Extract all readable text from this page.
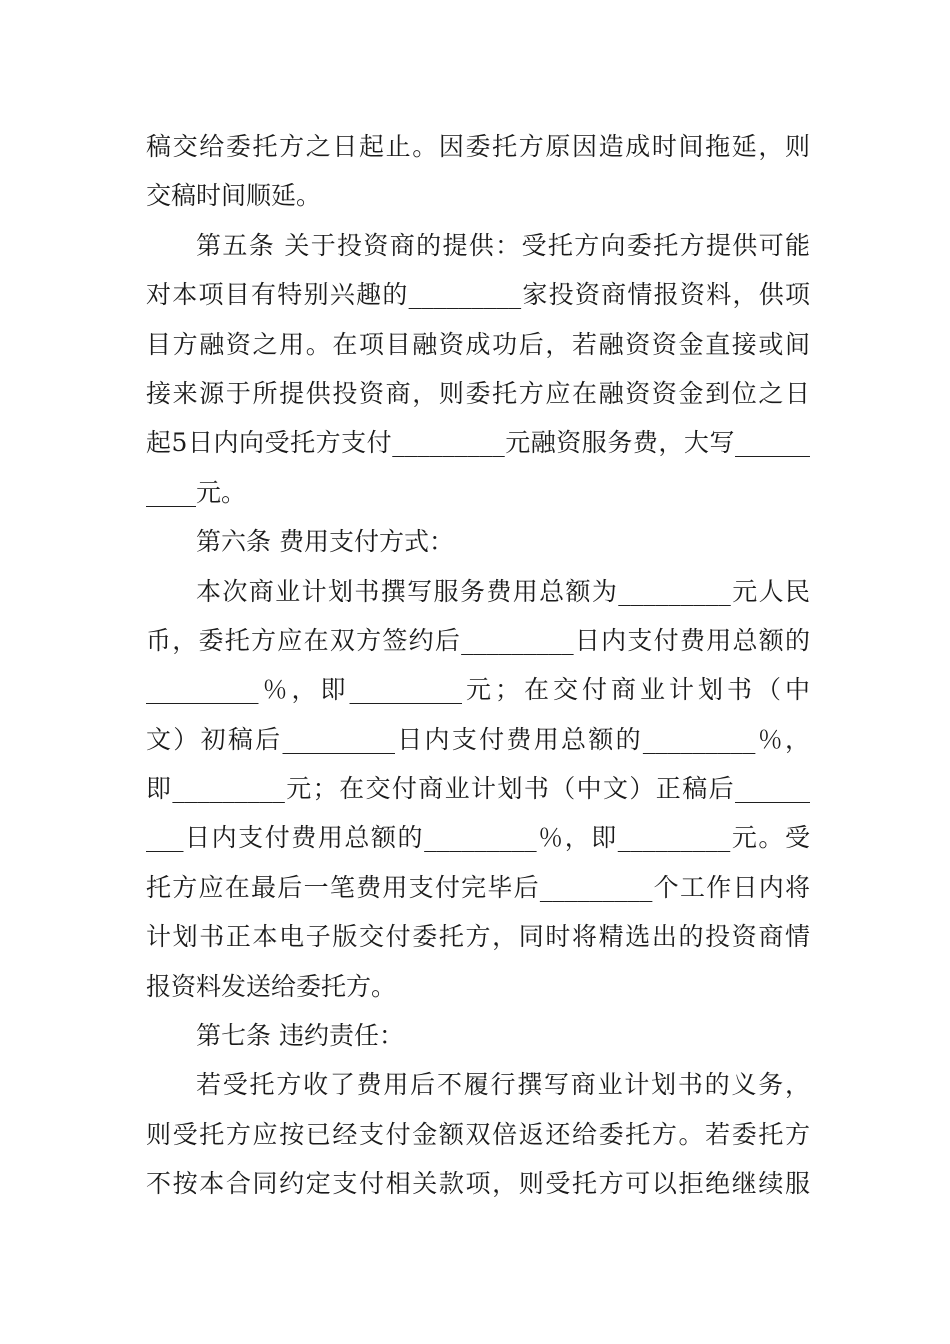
稿交给委托方之日起止。因委托方原因造成时间拖延，则
交稿时间顺延。
第五条 关于投资商的提供：受托方向委托方提供可能
对本项目有特别兴趣的_________家投资商情报资料，供项
目方融资之用。在项目融资成功后，若融资资金直接或间
接来源于所提供投资商，则委托方应在融资资金到位之日
起5日内向受托方支付_________元融资服务费，大写______
____元。
第六条 费用支付方式：
本次商业计划书撰写服务费用总额为_________元人民
币，委托方应在双方签约后_________日内支付费用总额的
_________％，即_________元；在交付商业计划书（中
文）初稿后_________日内支付费用总额的_________％，
即_________元；在交付商业计划书（中文）正稿后______
___日内支付费用总额的_________％，即_________元。受
托方应在最后一笔费用支付完毕后_________个工作日内将
计划书正本电子版交付委托方，同时将精选出的投资商情
报资料发送给委托方。
第七条 违约责任：
若受托方收了费用后不履行撰写商业计划书的义务，
则受托方应按已经支付金额双倍返还给委托方。若委托方
不按本合同约定支付相关款项，则受托方可以拒绝继续服
